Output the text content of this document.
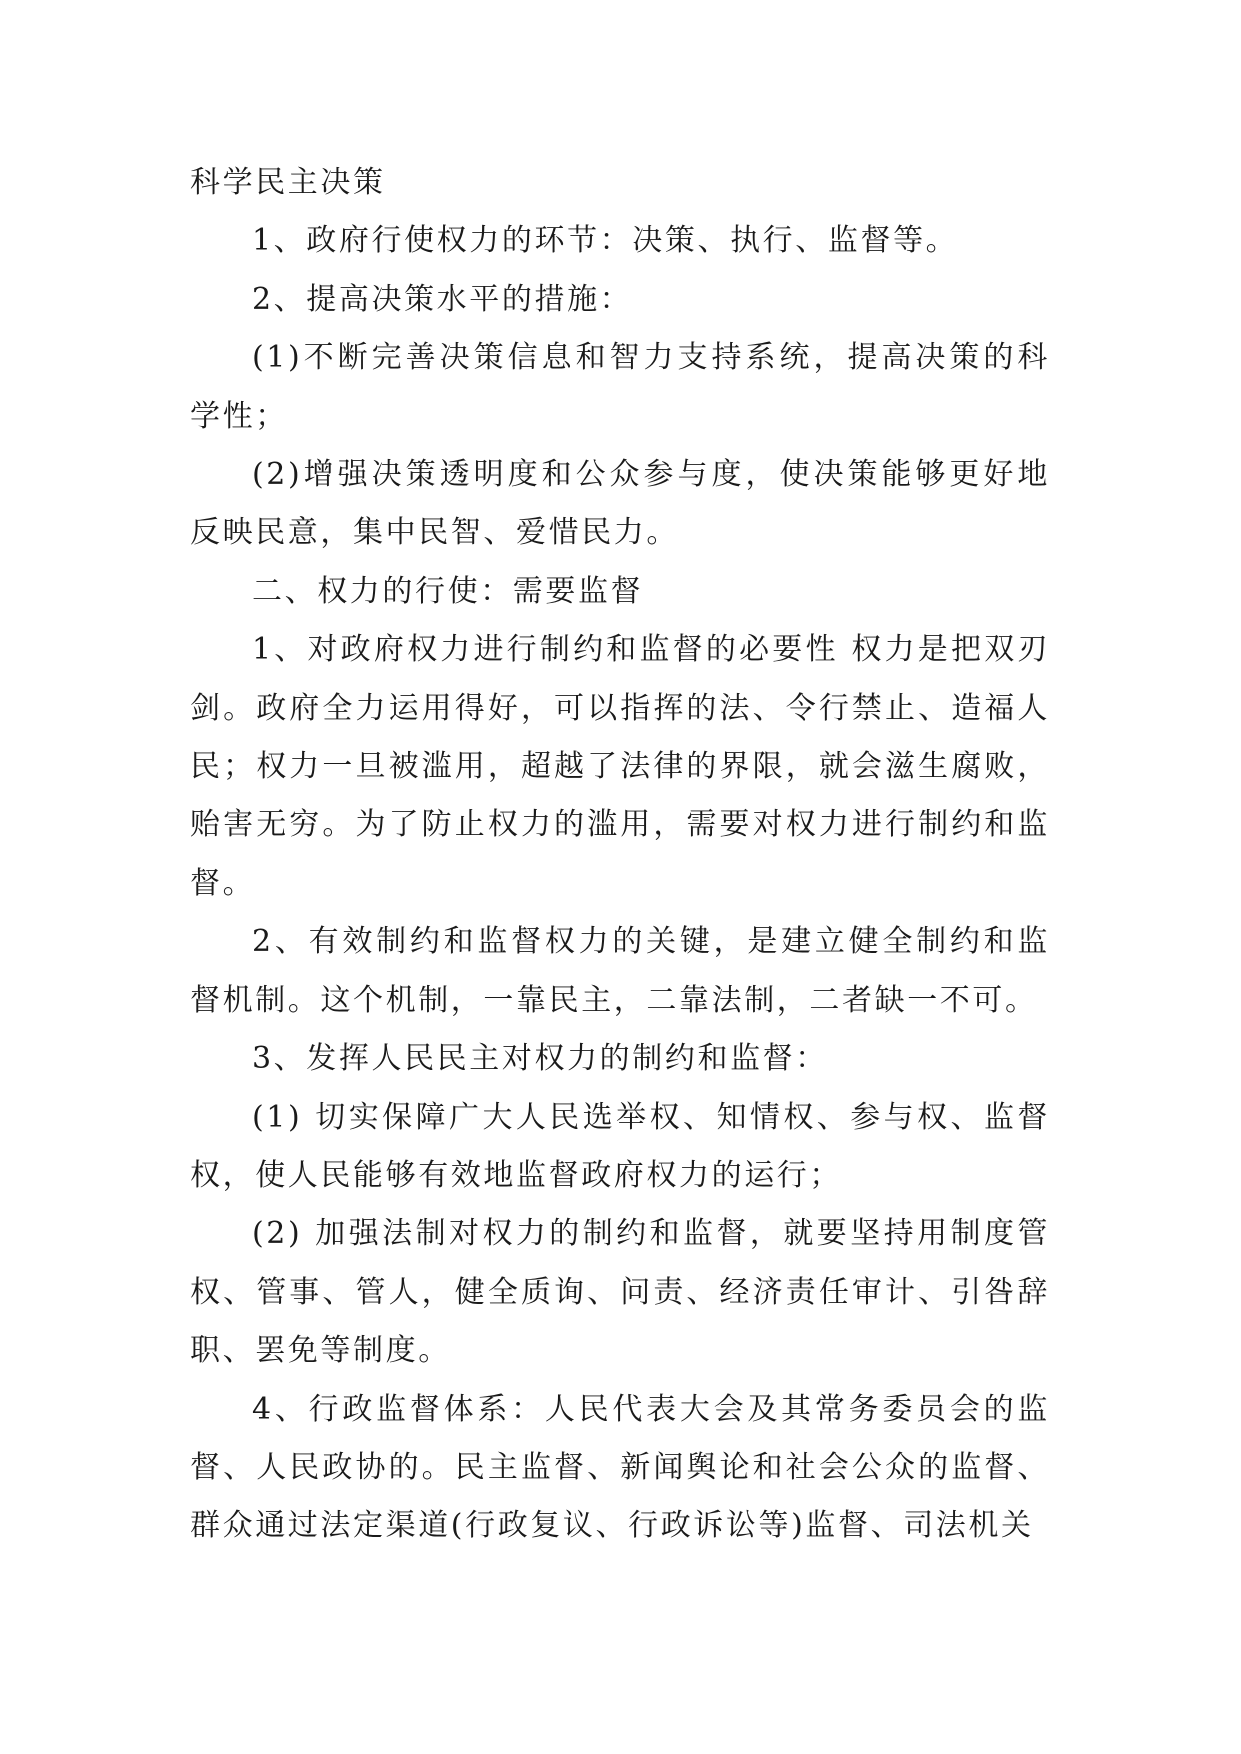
科学民主决策

1、政府行使权力的环节：决策、执行、监督等。

2、提高决策水平的措施：

(1)不断完善决策信息和智力支持系统，提高决策的科学性；

(2)增强决策透明度和公众参与度，使决策能够更好地反映民意，集中民智、爱惜民力。

二、权力的行使：需要监督

1、对政府权力进行制约和监督的必要性 权力是把双刃剑。政府全力运用得好，可以指挥的法、令行禁止、造福人民；权力一旦被滥用，超越了法律的界限，就会滋生腐败，贻害无穷。为了防止权力的滥用，需要对权力进行制约和监督。

2、有效制约和监督权力的关键，是建立健全制约和监督机制。这个机制，一靠民主，二靠法制，二者缺一不可。

3、发挥人民民主对权力的制约和监督：

(1) 切实保障广大人民选举权、知情权、参与权、监督权，使人民能够有效地监督政府权力的运行；

(2) 加强法制对权力的制约和监督，就要坚持用制度管权、管事、管人，健全质询、问责、经济责任审计、引咎辞职、罢免等制度。

4、行政监督体系：人民代表大会及其常务委员会的监督、人民政协的。民主监督、新闻舆论和社会公众的监督、群众通过法定渠道(行政复议、行政诉讼等)监督、司法机关
